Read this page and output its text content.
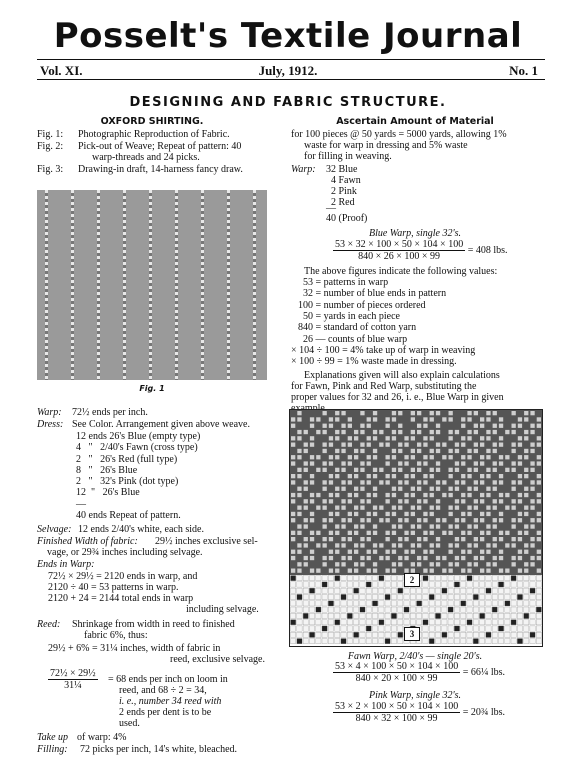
Posselt's Textile Journal
Vol. XI.	July, 1912.	No. 1
DESIGNING AND FABRIC STRUCTURE.
OXFORD SHIRTING.
Fig. 1: Photographic Reproduction of Fabric.
Fig. 2: Pick-out of Weave; Repeat of pattern: 40
warp-threads and 24 picks.
Fig. 3: Drawing-in draft, 14-harness fancy draw.
Fig. 1
Warp: 72½ ends per inch.
Dress: See Color. Arrangement given above weave.
12 ends 26's Blue (empty type)
4   "   2/40's Fawn (cross type)
2   "   26's Red (full type)
8   "   26's Blue
2   "   32's Pink (dot type)
12  "   26's Blue
—
40 ends Repeat of pattern.
Selvage: 12 ends 2/40's white, each side.
Finished Width of fabric: 29½ inches exclusive sel-
vage, or 29¾ inches including selvage.
Ends in Warp:
72½ × 29½ = 2120 ends in warp, and
2120 ÷ 40 = 53 patterns in warp.
2120 + 24 = 2144 total ends in warp
including selvage.
Reed: Shrinkage from width in reed to finished
fabric 6%, thus:
29½ + 6% = 31¼ inches, width of fabric in
reed, exclusive selvage.
$\frac{\text{72½ × 29½}}{\text{31¼}} = 68$ ends per inch on loom in
reed, and 68 ÷ 2 = 34,
i. e., number 34 reed with
2 ends per dent is to be
used.
Take up of warp: 4%
Filling: 72 picks per inch, 14's white, bleached.
Ascertain Amount of Material
for 100 pieces @ 50 yards = 5000 yards, allowing 1%
waste for warp in dressing and 5% waste
for filling in weaving.
Warp: 32 Blue
4 Fawn
2 Pink
2 Red
—
40 (Proof)
Blue Warp, single 32's.
$\frac{53 \times 32 \times 100 \times 50 \times 104 \times 100}{840 \times 26 \times 100 \times 99} = 408$ lbs.
The above figures indicate the following values:
53 = patterns in warp
32 = number of blue ends in pattern
100 = number of pieces ordered
50 = yards in each piece
840 = standard of cotton yarn
26 — counts of blue warp
× 104 ÷ 100 = 4% take up of warp in weaving
× 100 ÷ 99 = 1% waste made in dressing.
Explanations given will also explain calculations
for Fawn, Pink and Red Warp, substituting the
proper values for 32 and 26, i. e., Blue Warp in given
2
3
Fawn Warp, 2/40's — single 20's.
$\frac{53 \times 4 \times 100 \times 50 \times 104 \times 100}{840 \times 20 \times 100 \times 99}$ = 66¼ lbs.
Pink Warp, single 32's.
$\frac{53 \times 2 \times 100 \times 50 \times 104 \times 100}{840 \times 32 \times 100 \times 99}$ = 20¾ lbs.
